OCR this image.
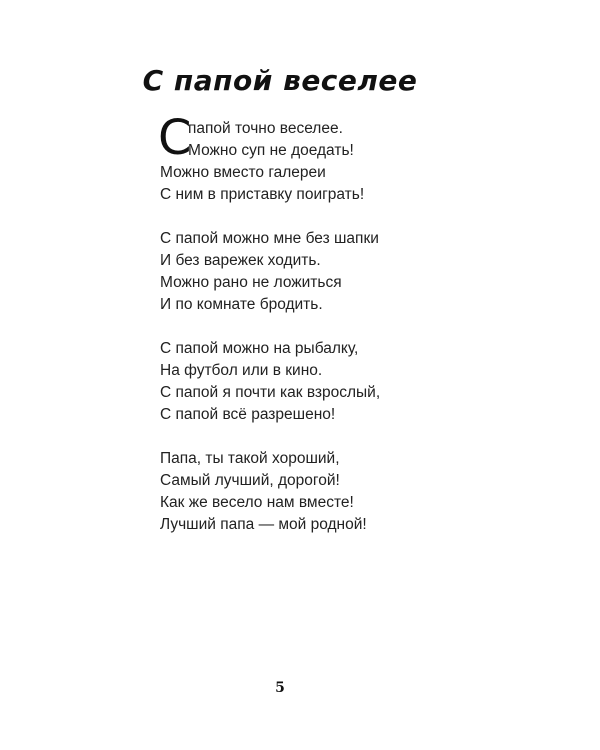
С папой веселее
С
папой точно веселее.
Можно суп не доедать!
Можно вместо галереи
С ним в приставку поиграть!
С папой можно мне без шапки
И без варежек ходить.
Можно рано не ложиться
И по комнате бродить.
С папой можно на рыбалку,
На футбол или в кино.
С папой я почти как взрослый,
С папой всё разрешено!
Папа, ты такой хороший,
Самый лучший, дорогой!
Как же весело нам вместе!
Лучший папа — мой родной!
5
